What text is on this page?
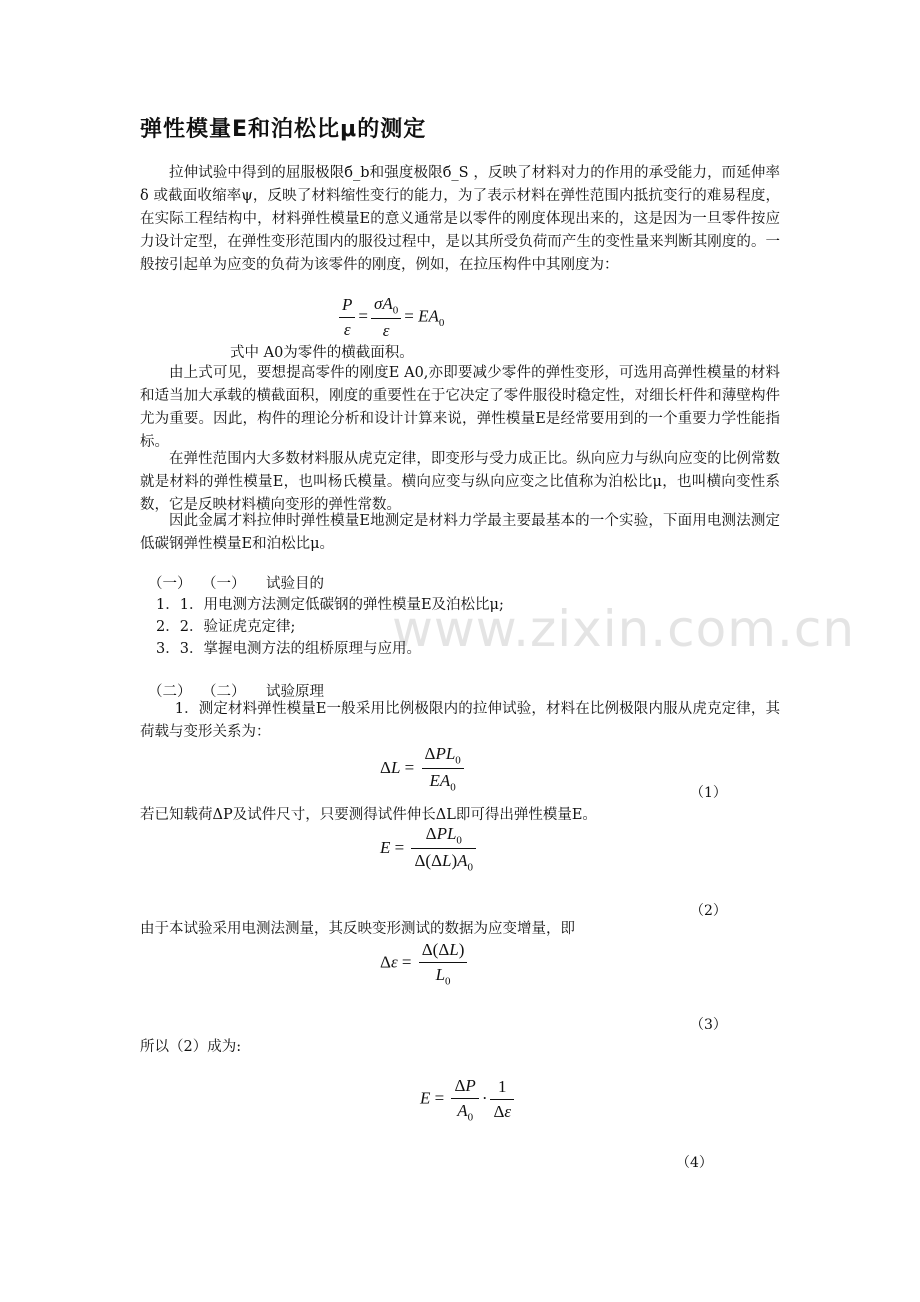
www.zixin.com.cn
弹性模量E和泊松比μ的测定
拉伸试验中得到的屈服极限б_b和强度极限б_S ，反映了材料对力的作用的承受能力，而延伸率δ 或截面收缩率ψ，反映了材料缩性变行的能力，为了表示材料在弹性范围内抵抗变行的难易程度，在实际工程结构中，材料弹性模量E的意义通常是以零件的刚度体现出来的，这是因为一旦零件按应力设计定型，在弹性变形范围内的服役过程中，是以其所受负荷而产生的变性量来判断其刚度的。一般按引起单为应变的负荷为该零件的刚度，例如，在拉压构件中其刚度为：
$\frac{P}{\varepsilon} = \frac{\sigma A_0}{\varepsilon} = EA_0$
式中 A0为零件的横截面积。
由上式可见，要想提高零件的刚度E A0,亦即要减少零件的弹性变形，可选用高弹性模量的材料和适当加大承载的横截面积，刚度的重要性在于它决定了零件服役时稳定性，对细长杆件和薄壁构件尤为重要。因此，构件的理论分析和设计计算来说，弹性模量E是经常要用到的一个重要力学性能指标。
在弹性范围内大多数材料服从虎克定律，即变形与受力成正比。纵向应力与纵向应变的比例常数就是材料的弹性模量E，也叫杨氏模量。横向应变与纵向应变之比值称为泊松比μ，也叫横向变性系数，它是反映材料横向变形的弹性常数。
因此金属才料拉伸时弹性模量E地测定是材料力学最主要最基本的一个实验，下面用电测法测定低碳钢弹性模量E和泊松比μ。
（一） （一） 试验目的
1．1．用电测方法测定低碳钢的弹性模量E及泊松比μ;
2．2．验证虎克定律;
3．3．掌握电测方法的组桥原理与应用。
（二） （二） 试验原理
1．测定材料弹性模量E一般采用比例极限内的拉伸试验，材料在比例极限内服从虎克定律，其荷载与变形关系为：
$\Delta L = \frac{\Delta PL_0}{EA_0}$	（1）
若已知载荷ΔP及试件尺寸，只要测得试件伸长ΔL即可得出弹性模量E。
$E = \frac{\Delta PL_0}{\Delta(\Delta L)A_0}$
（2）
由于本试验采用电测法测量，其反映变形测试的数据为应变增量，即
$\Delta\varepsilon = \frac{\Delta(\Delta L)}{L_0}$
（3）
所以（2）成为:
$E = \frac{\Delta P}{A_0} \cdot \frac{1}{\Delta\varepsilon}$
（4）
